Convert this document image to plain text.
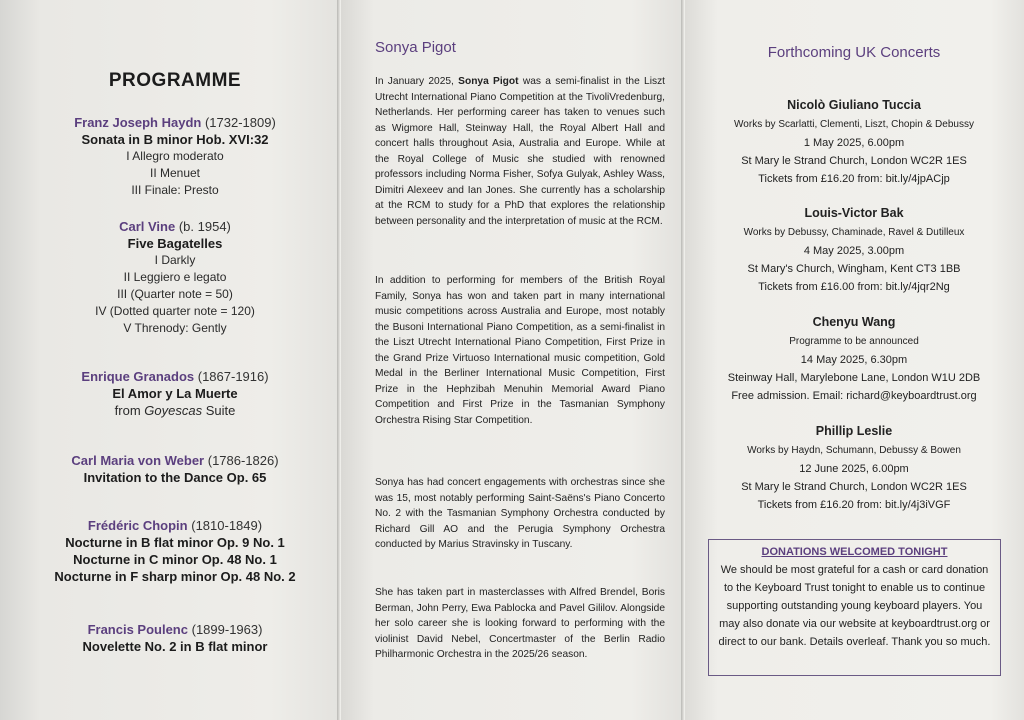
PROGRAMME
Franz Joseph Haydn (1732-1809)
Sonata in B minor Hob. XVI:32
I Allegro moderato
II Menuet
III Finale: Presto
Carl Vine (b. 1954)
Five Bagatelles
I Darkly
II Leggiero e legato
III (Quarter note = 50)
IV (Dotted quarter note = 120)
V Threnody: Gently
Enrique Granados (1867-1916)
El Amor y La Muerte
from Goyescas Suite
Carl Maria von Weber (1786-1826)
Invitation to the Dance Op. 65
Frédéric Chopin (1810-1849)
Nocturne in B flat minor Op. 9 No. 1
Nocturne in C minor Op. 48 No. 1
Nocturne in F sharp minor Op. 48 No. 2
Francis Poulenc (1899-1963)
Novelette No. 2 in B flat minor
Sonya Pigot
In January 2025, Sonya Pigot was a semi-finalist in the Liszt Utrecht International Piano Competition at the TivoliVredenburg, Netherlands. Her performing career has taken to venues such as Wigmore Hall, Steinway Hall, the Royal Albert Hall and concert halls throughout Asia, Australia and Europe. While at the Royal College of Music she studied with renowned professors including Norma Fisher, Sofya Gulyak, Ashley Wass, Dimitri Alexeev and Ian Jones. She currently has a scholarship at the RCM to study for a PhD that explores the relationship between personality and the interpretation of music at the RCM.
In addition to performing for members of the British Royal Family, Sonya has won and taken part in many international music competitions across Australia and Europe, most notably the Busoni International Piano Competition, as a semi-finalist in the Liszt Utrecht International Piano Competition, First Prize in the Grand Prize Virtuoso International music competition, Gold Medal in the Berliner International Music Competition, First Prize in the Hephzibah Menuhin Memorial Award Piano Competition and First Prize in the Tasmanian Symphony Orchestra Rising Star Competition.
Sonya has had concert engagements with orchestras since she was 15, most notably performing Saint-Saëns's Piano Concerto No. 2 with the Tasmanian Symphony Orchestra conducted by Richard Gill AO and the Perugia Symphony Orchestra conducted by Marius Stravinsky in Tuscany.
She has taken part in masterclasses with Alfred Brendel, Boris Berman, John Perry, Ewa Pablocka and Pavel Gililov. Alongside her solo career she is looking forward to performing with the violinist David Nebel, Concertmaster of the Berlin Radio Philharmonic Orchestra in the 2025/26 season.
Forthcoming UK Concerts
Nicolò Giuliano Tuccia
Works by Scarlatti, Clementi, Liszt, Chopin & Debussy
1 May 2025, 6.00pm
St Mary le Strand Church, London WC2R 1ES
Tickets from £16.20 from: bit.ly/4jpACjp
Louis-Victor Bak
Works by Debussy, Chaminade, Ravel & Dutilleux
4 May 2025, 3.00pm
St Mary's Church, Wingham, Kent CT3 1BB
Tickets from £16.00 from: bit.ly/4jqr2Ng
Chenyu Wang
Programme to be announced
14 May 2025, 6.30pm
Steinway Hall, Marylebone Lane, London W1U 2DB
Free admission. Email: richard@keyboardtrust.org
Phillip Leslie
Works by Haydn, Schumann, Debussy & Bowen
12 June 2025, 6.00pm
St Mary le Strand Church, London WC2R 1ES
Tickets from £16.20 from: bit.ly/4j3iVGF
DONATIONS WELCOMED TONIGHT
We should be most grateful for a cash or card donation to the Keyboard Trust tonight to enable us to continue supporting outstanding young keyboard players. You may also donate via our website at keyboardtrust.org or direct to our bank. Details overleaf. Thank you so much.
